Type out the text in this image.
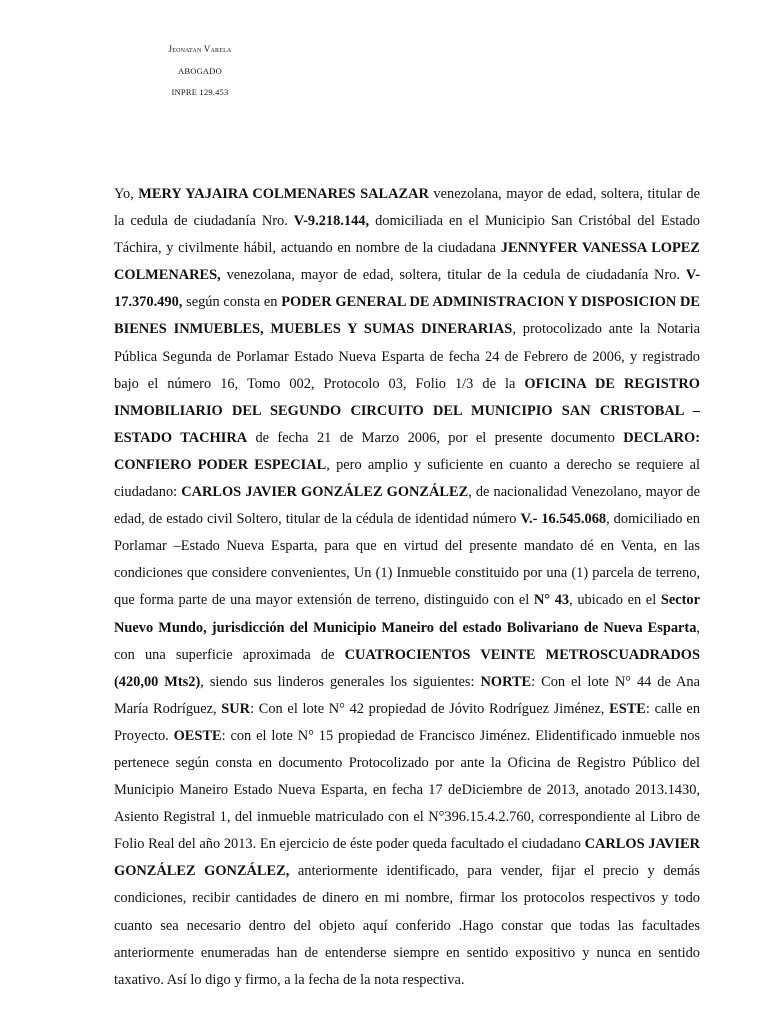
Jeonatan Varela
ABOGADO
INPRE 129.453
Yo, MERY YAJAIRA COLMENARES SALAZAR venezolana, mayor de edad, soltera, titular de la cedula de ciudadanía Nro. V-9.218.144, domiciliada en el Municipio San Cristóbal del Estado Táchira, y civilmente hábil, actuando en nombre de la ciudadana JENNYFER VANESSA LOPEZ COLMENARES, venezolana, mayor de edad, soltera, titular de la cedula de ciudadanía Nro. V-17.370.490, según consta en PODER GENERAL DE ADMINISTRACION Y DISPOSICION DE BIENES INMUEBLES, MUEBLES Y SUMAS DINERARIAS, protocolizado ante la Notaria Pública Segunda de Porlamar Estado Nueva Esparta de fecha 24 de Febrero de 2006, y registrado bajo el número 16, Tomo 002, Protocolo 03, Folio 1/3 de la OFICINA DE REGISTRO INMOBILIARIO DEL SEGUNDO CIRCUITO DEL MUNICIPIO SAN CRISTOBAL – ESTADO TACHIRA de fecha 21 de Marzo 2006, por el presente documento DECLARO: CONFIERO PODER ESPECIAL, pero amplio y suficiente en cuanto a derecho se requiere al ciudadano: CARLOS JAVIER GONZÁLEZ GONZÁLEZ, de nacionalidad Venezolano, mayor de edad, de estado civil Soltero, titular de la cédula de identidad número V.- 16.545.068, domiciliado en Porlamar –Estado Nueva Esparta, para que en virtud del presente mandato dé en Venta, en las condiciones que considere convenientes, Un (1) Inmueble constituido por una (1) parcela de terreno, que forma parte de una mayor extensión de terreno, distinguido con el N° 43, ubicado en el Sector Nuevo Mundo, jurisdicción del Municipio Maneiro del estado Bolivariano de Nueva Esparta, con una superficie aproximada de CUATROCIENTOS VEINTE METROSCUADRADOS (420,00 Mts2), siendo sus linderos generales los siguientes: NORTE: Con el lote N° 44 de Ana María Rodríguez, SUR: Con el lote N° 42 propiedad de Jóvito Rodríguez Jiménez, ESTE: calle en Proyecto. OESTE: con el lote N° 15 propiedad de Francisco Jiménez. Elidentificado inmueble nos pertenece según consta en documento Protocolizado por ante la Oficina de Registro Público del Municipio Maneiro Estado Nueva Esparta, en fecha 17 deDiciembre de 2013, anotado 2013.1430, Asiento Registral 1, del inmueble matriculado con el N°396.15.4.2.760, correspondiente al Libro de Folio Real del año 2013. En ejercicio de éste poder queda facultado el ciudadano CARLOS JAVIER GONZÁLEZ GONZÁLEZ, anteriormente identificado, para vender, fijar el precio y demás condiciones, recibir cantidades de dinero en mi nombre, firmar los protocolos respectivos y todo cuanto sea necesario dentro del objeto aquí conferido .Hago constar que todas las facultades anteriormente enumeradas han de entenderse siempre en sentido expositivo y nunca en sentido taxativo. Así lo digo y firmo, a la fecha de la nota respectiva.
